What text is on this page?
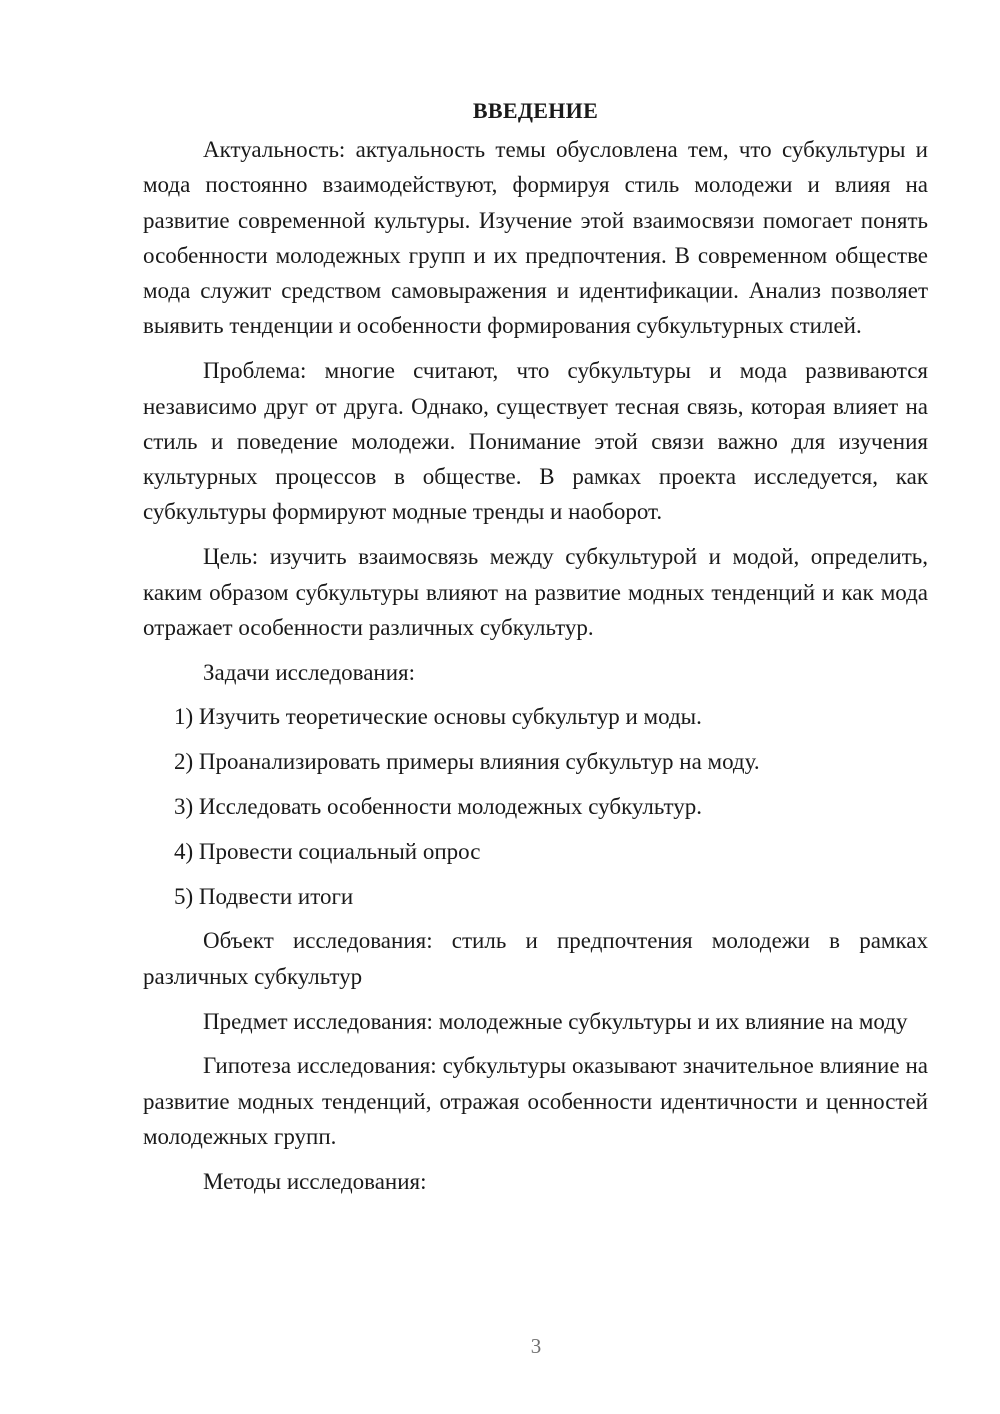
ВВЕДЕНИЕ

Актуальность: актуальность темы обусловлена тем, что субкультуры и мода постоянно взаимодействуют, формируя стиль молодежи и влияя на развитие современной культуры. Изучение этой взаимосвязи помогает понять особенности молодежных групп и их предпочтения. В современном обществе мода служит средством самовыражения и идентификации. Анализ позволяет выявить тенденции и особенности формирования субкультурных стилей.

Проблема: многие считают, что субкультуры и мода развиваются независимо друг от друга. Однако, существует тесная связь, которая влияет на стиль и поведение молодежи. Понимание этой связи важно для изучения культурных процессов в обществе. В рамках проекта исследуется, как субкультуры формируют модные тренды и наоборот.

Цель: изучить взаимосвязь между субкультурой и модой, определить, каким образом субкультуры влияют на развитие модных тенденций и как мода отражает особенности различных субкультур.

Задачи исследования:

1) Изучить теоретические основы субкультур и моды.
2) Проанализировать примеры влияния субкультур на моду.
3) Исследовать особенности молодежных субкультур.
4) Провести социальный опрос
5) Подвести итоги

Объект исследования: стиль и предпочтения молодежи в рамках различных субкультур

Предмет исследования: молодежные субкультуры и их влияние на моду

Гипотеза исследования: субкультуры оказывают значительное влияние на развитие модных тенденций, отражая особенности идентичности и ценностей молодежных групп.

Методы исследования:

3
